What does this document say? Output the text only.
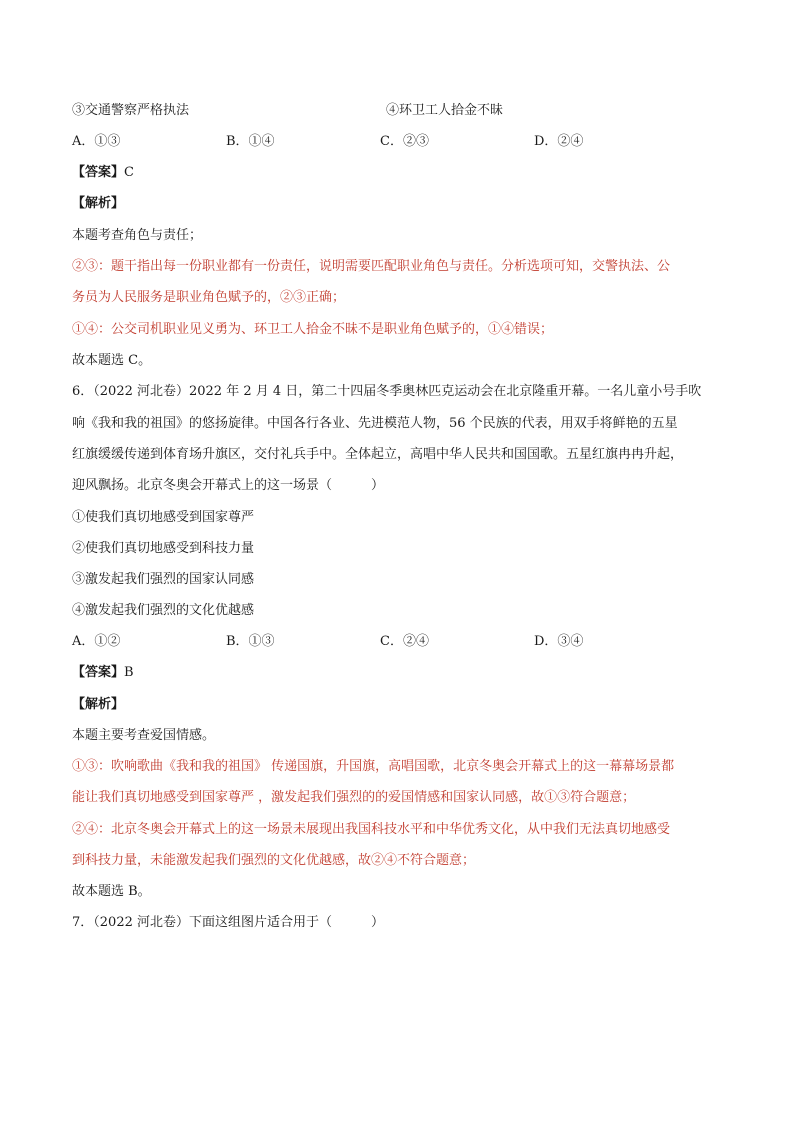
③交通警察严格执法	④环卫工人拾金不昧
A．①③	B．①④	C．②③	D．②④
【答案】C
【解析】
本题考查角色与责任；
②③：题干指出每一份职业都有一份责任，说明需要匹配职业角色与责任。分析选项可知，交警执法、公
务员为人民服务是职业角色赋予的，②③正确；
①④：公交司机职业见义勇为、环卫工人拾金不昧不是职业角色赋予的，①④错误；
故本题选 C。
6．（2022 河北卷）2022 年 2 月 4 日，第二十四届冬季奥林匹克运动会在北京隆重开幕。一名儿童小号手吹
响《我和我的祖国》的悠扬旋律。中国各行各业、先进模范人物，56 个民族的代表，用双手将鲜艳的五星
红旗缓缓传递到体育场升旗区，交付礼兵手中。全体起立，高唱中华人民共和国国歌。五星红旗冉冉升起，
迎风飘扬。北京冬奥会开幕式上的这一场景（　　　）
①使我们真切地感受到国家尊严
②使我们真切地感受到科技力量
③激发起我们强烈的国家认同感
④激发起我们强烈的文化优越感
A．①②	B．①③	C．②④	D．③④
【答案】B
【解析】
本题主要考查爱国情感。
①③：吹响歌曲《我和我的祖国》 传递国旗，升国旗，高唱国歌，北京冬奥会开幕式上的这一幕幕场景都
能让我们真切地感受到国家尊严 ，激发起我们强烈的的爱国情感和国家认同感，故①③符合题意；
②④：北京冬奥会开幕式上的这一场景未展现出我国科技水平和中华优秀文化，从中我们无法真切地感受
到科技力量，未能激发起我们强烈的文化优越感，故②④不符合题意；
故本题选 B。
7．（2022 河北卷）下面这组图片适合用于（　　　）
